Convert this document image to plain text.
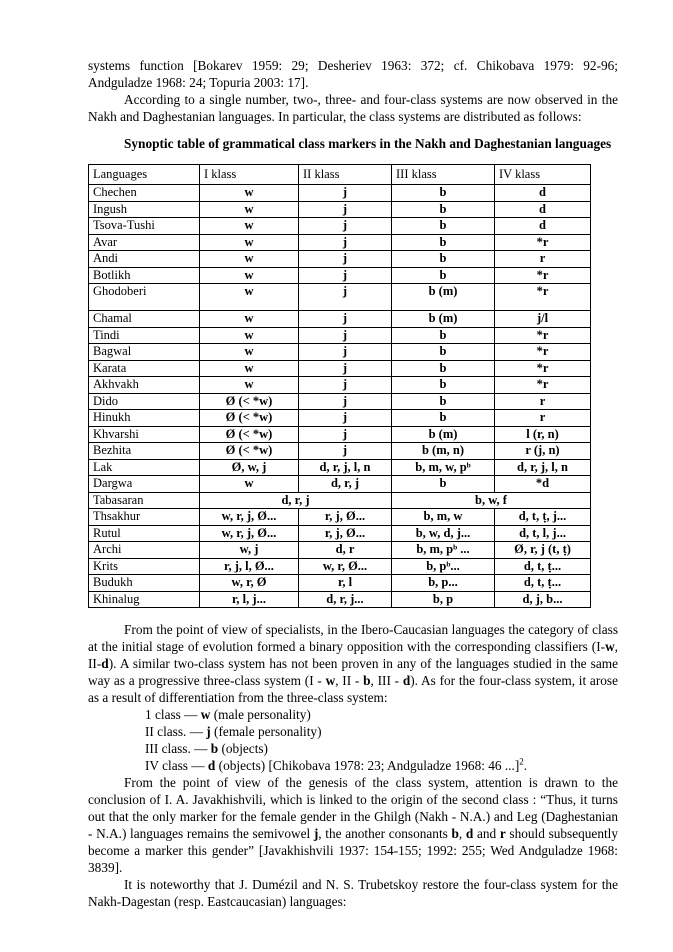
systems function [Bokarev 1959: 29; Desheriev 1963: 372; cf. Chikobava 1979: 92-96; Andguladze 1968: 24; Topuria 2003: 17].

According to a single number, two-, three- and four-class systems are now observed in the Nakh and Daghestanian languages. In particular, the class systems are distributed as follows:

Synoptic table of grammatical class markers in the Nakh and Daghestanian languages

Languages	I klass	II klass	III klass	IV klass
Chechen	w	j	b	d
Ingush	w	j	b	d
Tsova-Tushi	w	j	b	d
Avar	w	j	b	*r
Andi	w	j	b	r
Botlikh	w	j	b	*r
Ghodoberi	w	j	b (m)	*r
Chamal	w	j	b (m)	j/l
Tindi	w	j	b	*r
Bagwal	w	j	b	*r
Karata	w	j	b	*r
Akhvakh	w	j	b	*r
Dido	Ø (< *w)	j	b	r
Hinukh	Ø (< *w)	j	b	r
Khvarshi	Ø (< *w)	j	b (m)	l (r, n)
Bezhita	Ø (< *w)	j	b (m, n)	r (j, n)
Lak	Ø, w, j	d, r, j, l, n	b, m, w, pᵇ	d, r, j, l, n
Dargwa	w	d, r, j	b	*d
Tabasaran	d, r, j		b, w, f	
Thsakhur	w, r, j, Ø...	r, j, Ø...	b, m, w	d, t, ṭ, j...
Rutul	w, r, j, Ø...	r, j, Ø...	b, w, d, j...	d, t, l, j...
Archi	w, j	d, r	b, m, pᵇ ...	Ø, r, j (t, ṭ)
Krits	r, j, l, Ø...	w, r, Ø...	b, pᵇ...	d, t, ṭ...
Budukh	w, r, Ø	r, l	b, p...	d, t, ṭ...
Khinalug	r, l, j...	d, r, j...	b, p	d, j, b...

From the point of view of specialists, in the Ibero-Caucasian languages the category of class at the initial stage of evolution formed a binary opposition with the corresponding classifiers (I-w, II-d). A similar two-class system has not been proven in any of the languages studied in the same way as a progressive three-class system (I - w, II - b, III - d). As for the four-class system, it arose as a result of differentiation from the three-class system:

1 class — w (male personality)
II class. — j (female personality)
III class. — b (objects)
IV class — d (objects) [Chikobava 1978: 23; Andguladze 1968: 46 ...]$^2$.

From the point of view of the genesis of the class system, attention is drawn to the conclusion of I. A. Javakhishvili, which is linked to the origin of the second class : “Thus, it turns out that the only marker for the female gender in the Ghilgh (Nakh - N.A.) and Leg (Daghestanian - N.A.) languages remains the semivowel j, the another consonants b, d and r should subsequently become a marker this gender” [Javakhishvili 1937: 154-155; 1992: 255; Wed Andguladze 1968: 3839].

It is noteworthy that J. Dumézil and N. S. Trubetskoy restore the four-class system for the Nakh-Dagestan (resp. Eastcaucasian) languages:
